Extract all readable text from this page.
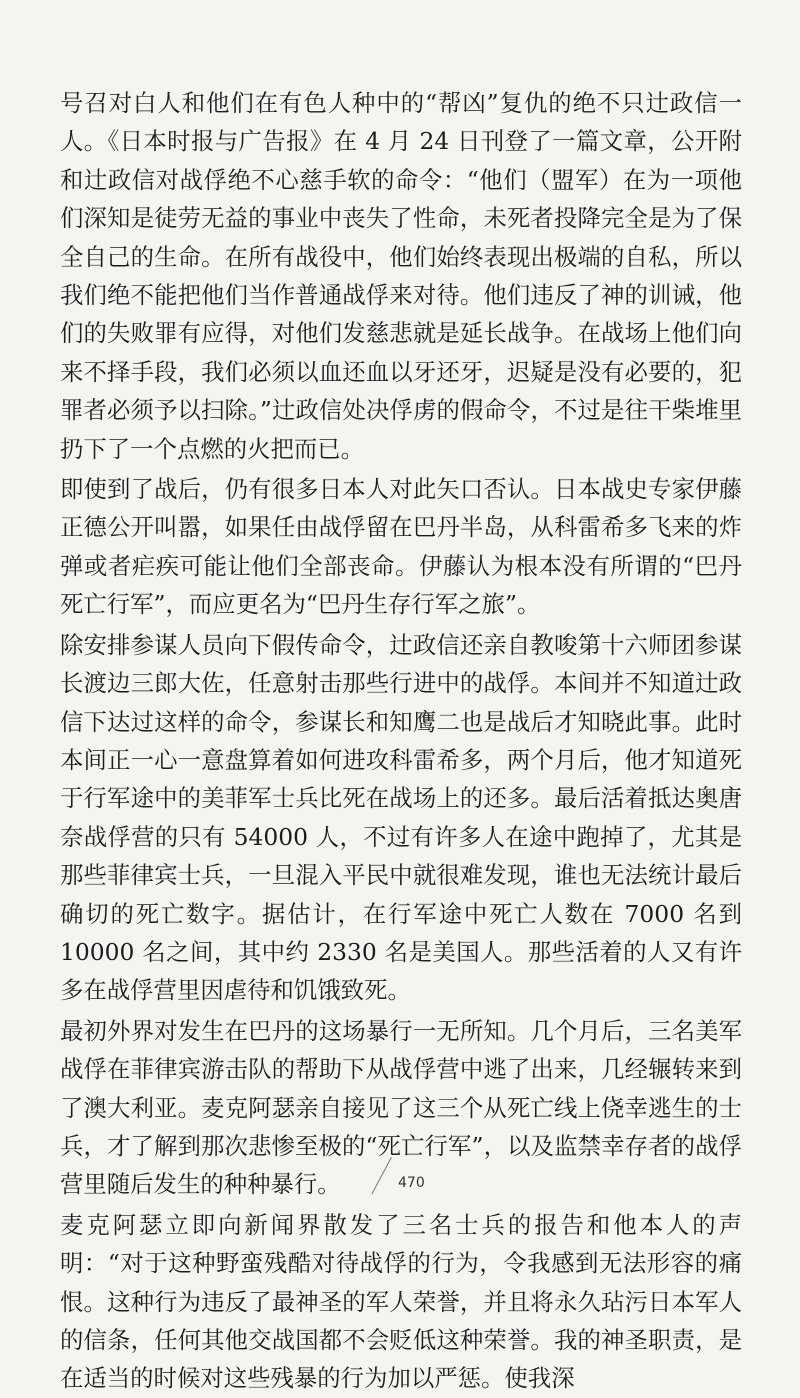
号召对白人和他们在有色人种中的“帮凶”复仇的绝不只辻政信一人。《日本时报与广告报》在 4 月 24 日刊登了一篇文章，公开附和辻政信对战俘绝不心慈手软的命令：“他们（盟军）在为一项他们深知是徒劳无益的事业中丧失了性命，未死者投降完全是为了保全自己的生命。在所有战役中，他们始终表现出极端的自私，所以我们绝不能把他们当作普通战俘来对待。他们违反了神的训诫，他们的失败罪有应得，对他们发慈悲就是延长战争。在战场上他们向来不择手段，我们必须以血还血以牙还牙，迟疑是没有必要的，犯罪者必须予以扫除。”辻政信处决俘虏的假命令，不过是往干柴堆里扔下了一个点燃的火把而已。

即使到了战后，仍有很多日本人对此矢口否认。日本战史专家伊藤正德公开叫嚣，如果任由战俘留在巴丹半岛，从科雷希多飞来的炸弹或者疟疾可能让他们全部丧命。伊藤认为根本没有所谓的“巴丹死亡行军”，而应更名为“巴丹生存行军之旅”。

除安排参谋人员向下假传命令，辻政信还亲自教唆第十六师团参谋长渡边三郎大佐，任意射击那些行进中的战俘。本间并不知道辻政信下达过这样的命令，参谋长和知鹰二也是战后才知晓此事。此时本间正一心一意盘算着如何进攻科雷希多，两个月后，他才知道死于行军途中的美菲军士兵比死在战场上的还多。最后活着抵达奥唐奈战俘营的只有 54000 人，不过有许多人在途中跑掉了，尤其是那些菲律宾士兵，一旦混入平民中就很难发现，谁也无法统计最后确切的死亡数字。据估计，在行军途中死亡人数在 7000 名到 10000 名之间，其中约 2330 名是美国人。那些活着的人又有许多在战俘营里因虐待和饥饿致死。

最初外界对发生在巴丹的这场暴行一无所知。几个月后，三名美军战俘在菲律宾游击队的帮助下从战俘营中逃了出来，几经辗转来到了澳大利亚。麦克阿瑟亲自接见了这三个从死亡线上侥幸逃生的士兵，才了解到那次悲惨至极的“死亡行军”，以及监禁幸存者的战俘营里随后发生的种种暴行。

麦克阿瑟立即向新闻界散发了三名士兵的报告和他本人的声明：“对于这种野蛮残酷对待战俘的行为，令我感到无法形容的痛恨。这种行为违反了最神圣的军人荣誉，并且将永久玷污日本军人的信条，任何其他交战国都不会贬低这种荣誉。我的神圣职责，是在适当的时候对这些残暴的行为加以严惩。使我深

470
